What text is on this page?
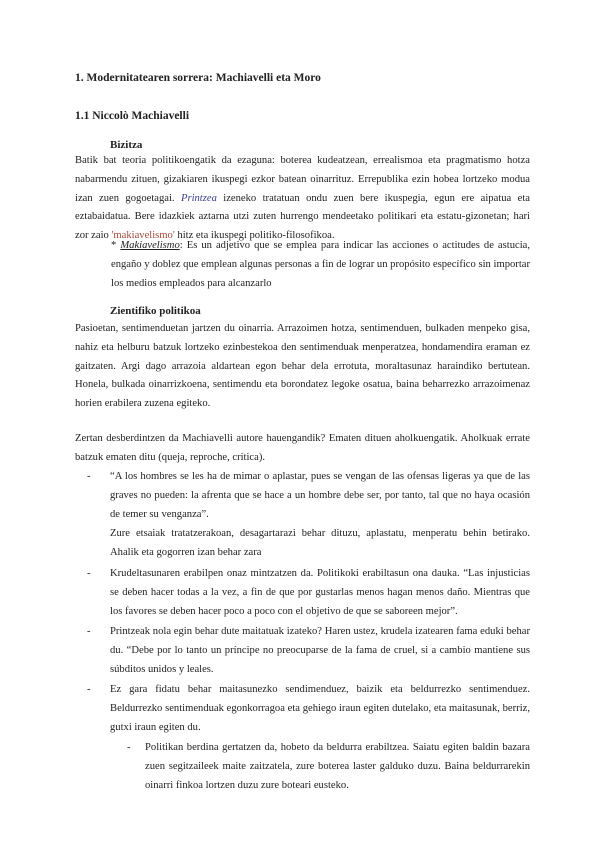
1. Modernitatearen sorrera: Machiavelli eta Moro
1.1 Niccolò Machiavelli
Bizitza

Batik bat teoria politikoengatik da ezaguna: boterea kudeatzean, errealismoa eta pragmatismo hotza nabarmendu zituen, gizakiaren ikuspegi ezkor batean oinarrituz. Errepublika ezin hobea lortzeko modua izan zuen gogoetagai. Printzea izeneko tratatuan ondu zuen bere ikuspegia, egun ere aipatua eta eztabaidatua. Bere idazkiek aztarna utzi zuten hurrengo mendeetako politikari eta estatu-gizonetan; hari zor zaio 'makiavelismo' hitz eta ikuspegi politiko-filosofikoa.

* Makiavelismo: Es un adjetivo que se emplea para indicar las acciones o actitudes de astucia, engaño y doblez que emplean algunas personas a fin de lograr un propósito específico sin importar los medios empleados para alcanzarlo

Zientifiko politikoa

Pasioetan, sentimenduetan jartzen du oinarria. Arrazoimen hotza, sentimenduen, bulkaden menpeko gisa, nahiz eta helburu batzuk lortzeko ezinbestekoa den sentimenduak menperatzea, hondamendira eraman ez gaitzaten. Argi dago arrazoia aldartean egon behar dela errotuta, moraltasunaz haraindiko bertutean. Honela, bulkada oinarrizkoena, sentimendu eta borondatez legoke osatua, baina beharrezko arrazoimenaz horien erabilera zuzena egiteko.

Zertan desberdintzen da Machiavelli autore hauengandik? Ematen dituen aholkuengatik. Aholkuak errate batzuk ematen ditu (queja, reproche, critica).

-	“A los hombres se les ha de mimar o aplastar, pues se vengan de las ofensas ligeras ya que de las graves no pueden: la afrenta que se hace a un hombre debe ser, por tanto, tal que no haya ocasión de temer su venganza”.

Zure etsaiak tratatzerakoan, desagartarazi behar dituzu, aplastatu, menperatu behin betirako. Ahalik eta gogorren izan behar zara

-	Krudeltasunaren erabilpen onaz mintzatzen da. Politikoki erabiltasun ona dauka. “Las injusticias se deben hacer todas a la vez, a fin de que por gustarlas menos hagan menos daño. Mientras que los favores se deben hacer poco a poco con el objetivo de que se saboreen mejor”.

-	Printzeak nola egin behar dute maitatuak izateko? Haren ustez, krudela izatearen fama eduki behar du. “Debe por lo tanto un príncipe no preocuparse de la fama de cruel, si a cambio mantiene sus súbditos unidos y leales.

-	Ez gara fidatu behar maitasunezko sendimenduez, baizik eta beldurrezko sentimenduez. Beldurrezko sentimenduak egonkorragoa eta gehiego iraun egiten dutelako, eta maitasunak, berriz, gutxi iraun egiten du.

-	Politikan berdina gertatzen da, hobeto da beldurra erabiltzea. Saiatu egiten baldin bazara zuen segitzaileek maite zaitzatela, zure boterea laster galduko duzu. Baina beldurrarekin oinarri finkoa lortzen duzu zure boteari eusteko.
